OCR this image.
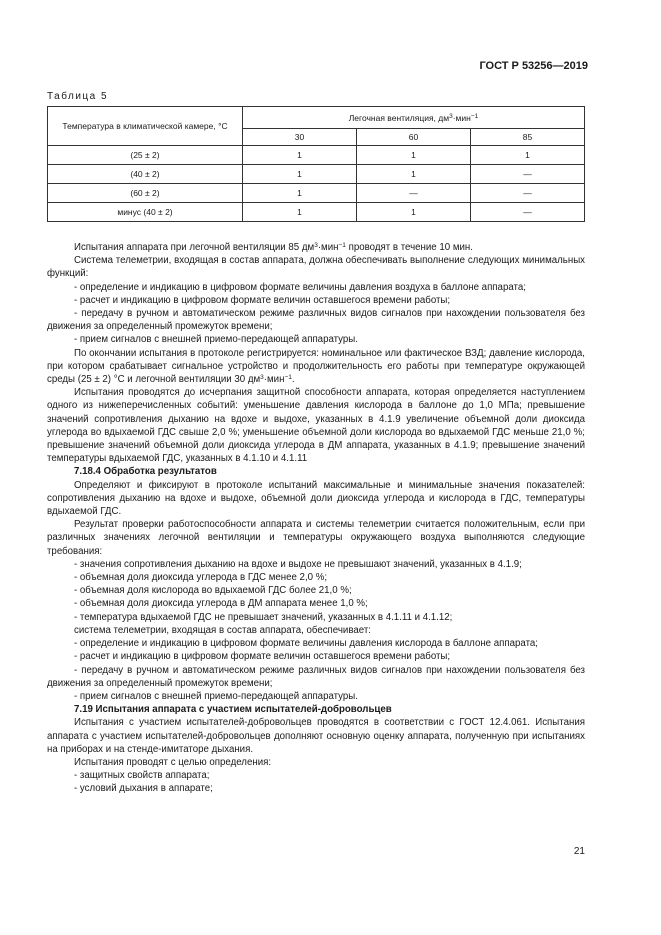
ГОСТ Р 53256—2019
Таблица 5
Температура в климатической камере, °С	Легочная вентиляция, $дм^3\cdot мин^{-1}$
	30	60	85
(25 ± 2)	1	1	1
(40 ± 2)	1	1	—
(60 ± 2)	1	—	—
минус (40 ± 2)	1	1	—

Испытания аппарата при легочной вентиляции 85 $дм^3\cdot мин^{-1}$ проводят в течение 10 мин.

Система телеметрии, входящая в состав аппарата, должна обеспечивать выполнение следующих минимальных функций:

- определение и индикацию в цифровом формате величины давления воздуха в баллоне аппарата;

- расчет и индикацию в цифровом формате величин оставшегося времени работы;

- передачу в ручном и автоматическом режиме различных видов сигналов при нахождении пользователя без движения за определенный промежуток времени;

- прием сигналов с внешней приемо-передающей аппаратуры.

По окончании испытания в протоколе регистрируется: номинальное или фактическое ВЗД; давление кислорода, при котором срабатывает сигнальное устройство и продолжительность его работы при температуре окружающей среды (25 ± 2) °С и легочной вентиляции 30 $дм^3\cdot мин^{-1}$.

Испытания проводятся до исчерпания защитной способности аппарата, которая определяется наступлением одного из нижеперечисленных событий: уменьшение давления кислорода в баллоне до 1,0 МПа; превышение значений сопротивления дыханию на вдохе и выдохе, указанных в 4.1.9 увеличение объемной доли диоксида углерода во вдыхаемой ГДС свыше 2,0 %; уменьшение объемной доли кислорода во вдыхаемой ГДС меньше 21,0 %; превышение значений объемной доли диоксида углерода в ДМ аппарата, указанных в 4.1.9; превышение значений температуры вдыхаемой ГДС, указанных в 4.1.10 и 4.1.11

7.18.4 Обработка результатов

Определяют и фиксируют в протоколе испытаний максимальные и минимальные значения показателей: сопротивления дыханию на вдохе и выдохе, объемной доли диоксида углерода и кислорода в ГДС, температуры вдыхаемой ГДС.

Результат проверки работоспособности аппарата и системы телеметрии считается положительным, если при различных значениях легочной вентиляции и температуры окружающего воздуха выполняются следующие требования:

- значения сопротивления дыханию на вдохе и выдохе не превышают значений, указанных в 4.1.9;

- объемная доля диоксида углерода в ГДС менее 2,0 %;

- объемная доля кислорода во вдыхаемой ГДС более 21,0 %;

- объемная доля диоксида углерода в ДМ аппарата менее 1,0 %;

- температура вдыхаемой ГДС не превышает значений, указанных в 4.1.11 и 4.1.12;

система телеметрии, входящая в состав аппарата, обеспечивает:

- определение и индикацию в цифровом формате величины давления кислорода в баллоне аппарата;

- расчет и индикацию в цифровом формате величин оставшегося времени работы;

- передачу в ручном и автоматическом режиме различных видов сигналов при нахождении пользователя без движения за определенный промежуток времени;

- прием сигналов с внешней приемо-передающей аппаратуры.

7.19 Испытания аппарата с участием испытателей-добровольцев

Испытания с участием испытателей-добровольцев проводятся в соответствии с ГОСТ 12.4.061. Испытания аппарата с участием испытателей-добровольцев дополняют основную оценку аппарата, полученную при испытаниях на приборах и на стенде-имитаторе дыхания.

Испытания проводят с целью определения:

- защитных свойств аппарата;

- условий дыхания в аппарате;

21
